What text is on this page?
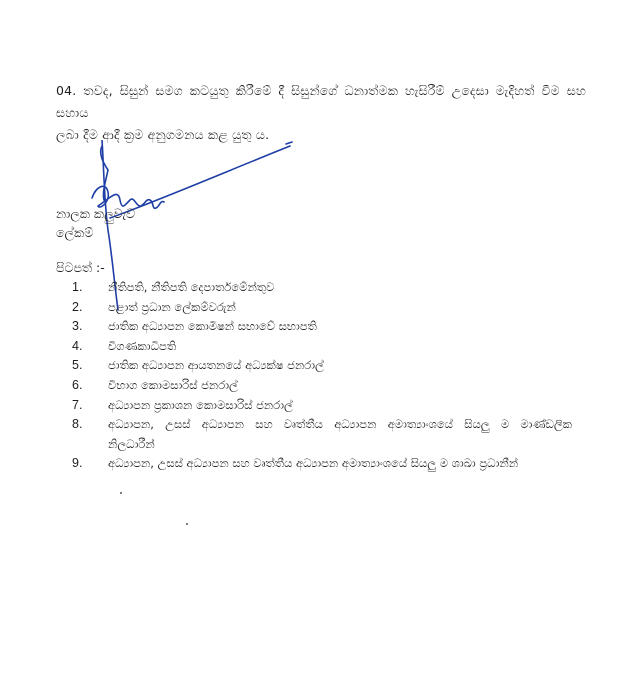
04. තවද, සිසුන් සමග කටයුතු කිරීමේ දී සිසුන්ගේ ධනාත්මක හැසිරීම් උදෙසා මැදිහත් වීම සහ සහාය
ලබා දීම ආදී ක්‍රම අනුගමනය කළ යුතු ය.
නාලක කලුවැව
ලේකම්
පිටපත් :-
1.	නීතිපති, නීතිපති දෙපාර්තමේන්තුව
2.	පළාත් ප්‍රධාන ලේකම්වරුන්
3.	ජාතික අධ්‍යාපන කොමිෂන් සභාවේ සභාපති
4.	විගණකාධිපති
5.	ජාතික අධ්‍යාපන ආයතනයේ අධ්‍යක්ෂ ජනරාල්
6.	විභාග කොමසාරිස් ජනරාල්
7.	අධ්‍යාපන ප්‍රකාශන කොමසාරිස් ජනරාල්
8.	අධ්‍යාපන, උසස් අධ්‍යාපන සහ වෘත්තීය අධ්‍යාපන අමාත්‍යාංශයේ සියලු ම මාණ්ඩලික
නිලධාරීන්
9.	අධ්‍යාපන, උසස් අධ්‍යාපන සහ වෘත්තීය අධ්‍යාපන අමාත්‍යාංශයේ සියලු ම ශාඛා ප්‍රධානීන්
